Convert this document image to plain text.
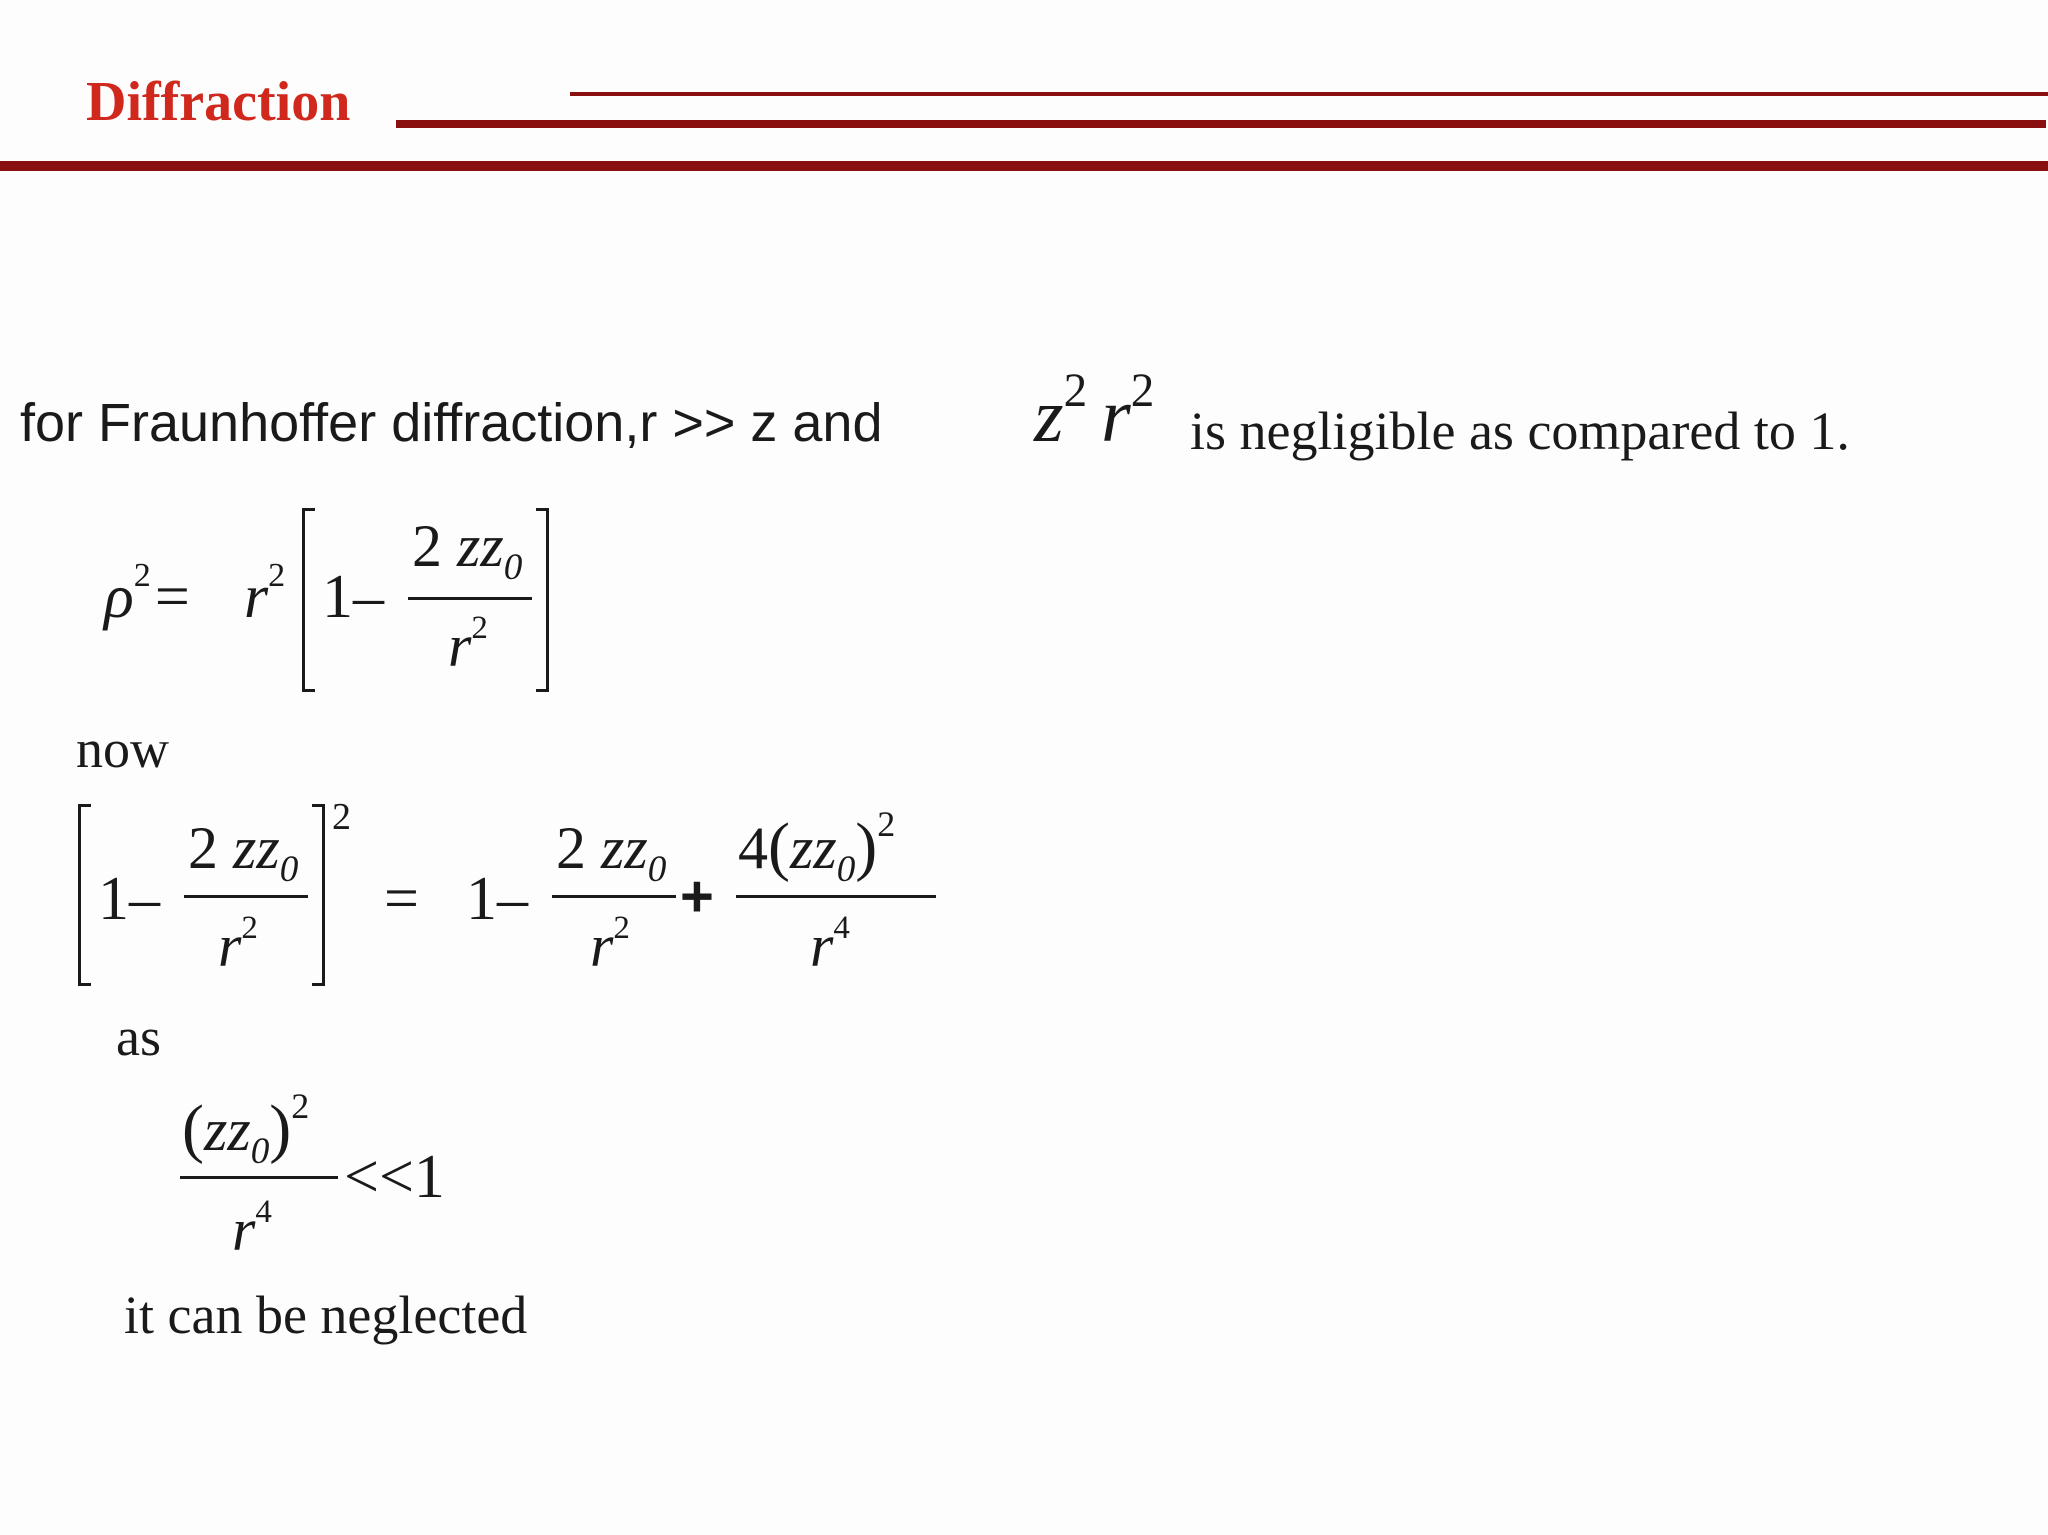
Diffraction
for Fraunhoffer diffraction,r >> z and $z^2$ $r^2$
is negligible as compared to 1.
$\rho^2= r^2$ 1–
2 $zz_0$
$r^2$
now
1–
2 $zz_0$
$r^2$
2
= 1–
2 $zz_0$
$r^2$ +
$4(zz_0)^2$
$r^4$
as
$(zz_0)^2$
$r^4$
<<1
it can be neglected
